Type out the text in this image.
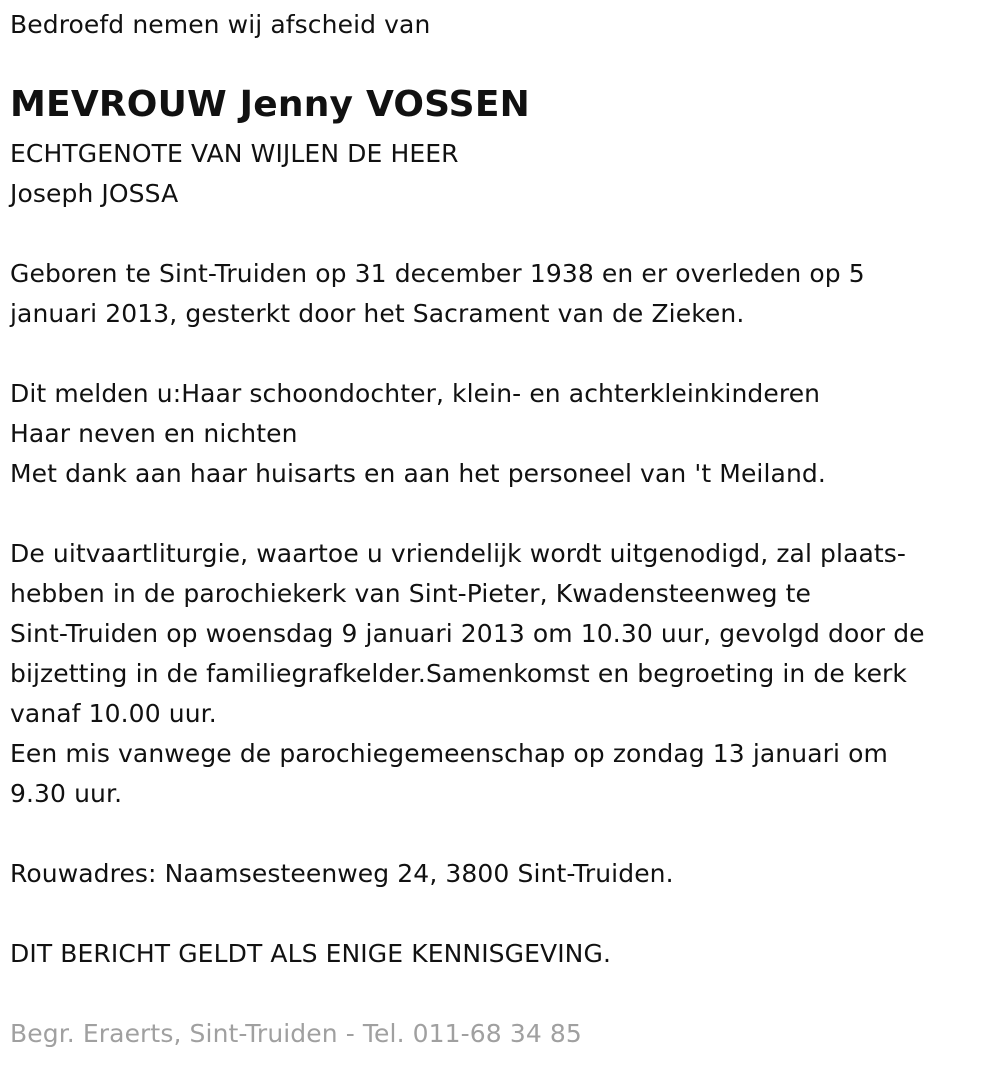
Bedroefd nemen wij afscheid van

MEVROUW Jenny VOSSEN

ECHTGENOTE VAN WIJLEN DE HEER

Joseph JOSSA

Geboren te Sint-Truiden op 31 december 1938 en er overleden op 5

januari 2013, gesterkt door het Sacrament van de Zieken.

Dit melden u:Haar schoondochter, klein- en achterkleinkinderen

Haar neven en nichten

Met dank aan haar huisarts en aan het personeel van 't Meiland.

De uitvaartliturgie, waartoe u vriendelijk wordt uitgenodigd, zal plaats-

hebben in de parochiekerk van Sint-Pieter, Kwadensteenweg te

Sint-Truiden op woensdag 9 januari 2013 om 10.30 uur, gevolgd door de

bijzetting in de familiegrafkelder.Samenkomst en begroeting in de kerk

vanaf 10.00 uur.

Een mis vanwege de parochiegemeenschap op zondag 13 januari om

9.30 uur.

Rouwadres: Naamsesteenweg 24, 3800 Sint-Truiden.

DIT BERICHT GELDT ALS ENIGE KENNISGEVING.

Begr. Eraerts, Sint-Truiden - Tel. 011-68 34 85
